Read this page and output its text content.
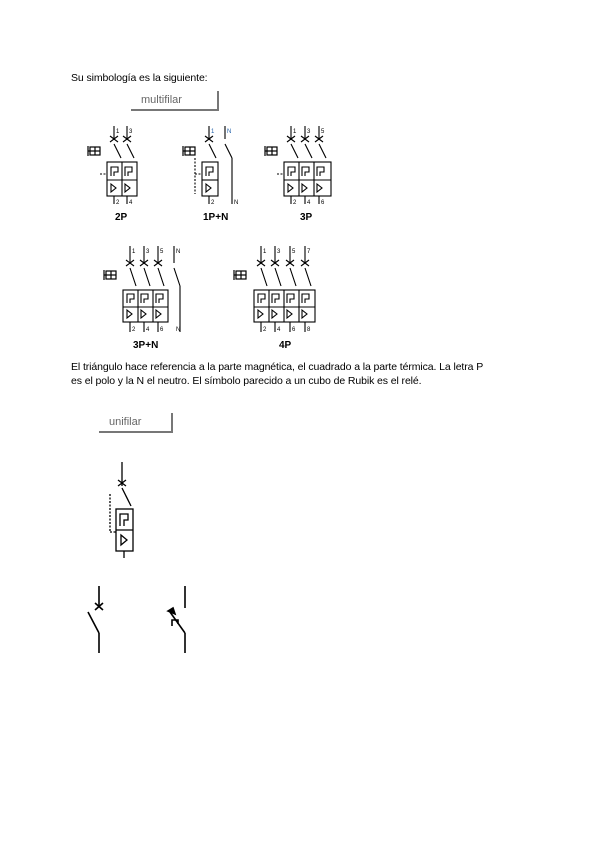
Su simbología es la siguiente:
multifilar
1 3
2 4
2P
1 N
2	N
1P+N
1 3 5
2 4 6
3P
1 3 5 N
2 4 6 N
3P+N
1 3 5 7
2 4 6 8
4P
El triángulo hace referencia a la parte magnética, el cuadrado a la parte térmica. La letra P
es el polo y la N el neutro. El símbolo parecido a un cubo de Rubik es el relé.
unifilar
